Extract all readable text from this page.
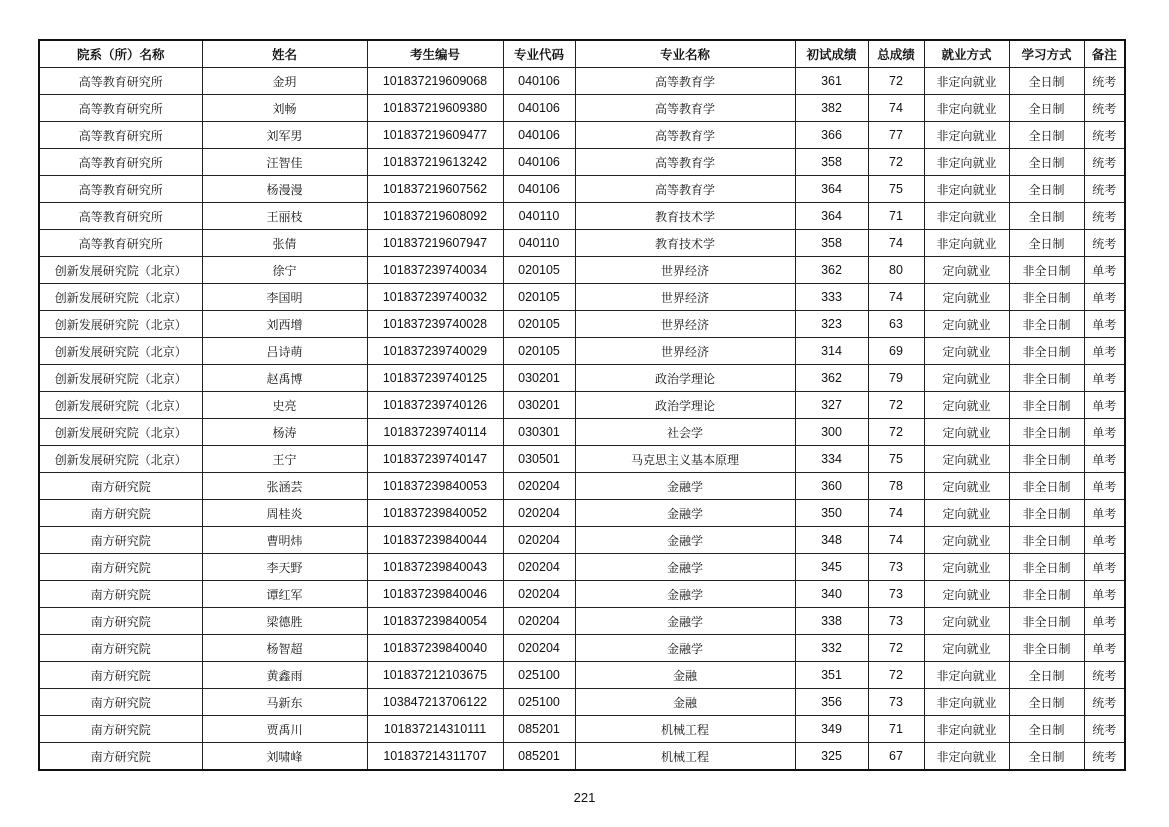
院系（所）名称	姓名	考生编号	专业代码	专业名称	初试成绩	总成绩	就业方式	学习方式	备注
高等教育研究所	金玥	101837219609068	040106	高等教育学	361	72	非定向就业	全日制	统考
高等教育研究所	刘畅	101837219609380	040106	高等教育学	382	74	非定向就业	全日制	统考
高等教育研究所	刘军男	101837219609477	040106	高等教育学	366	77	非定向就业	全日制	统考
高等教育研究所	汪智佳	101837219613242	040106	高等教育学	358	72	非定向就业	全日制	统考
高等教育研究所	杨漫漫	101837219607562	040106	高等教育学	364	75	非定向就业	全日制	统考
高等教育研究所	王丽枝	101837219608092	040110	教育技术学	364	71	非定向就业	全日制	统考
高等教育研究所	张倩	101837219607947	040110	教育技术学	358	74	非定向就业	全日制	统考
创新发展研究院（北京）	徐宁	101837239740034	020105	世界经济	362	80	定向就业	非全日制	单考
创新发展研究院（北京）	李国明	101837239740032	020105	世界经济	333	74	定向就业	非全日制	单考
创新发展研究院（北京）	刘西增	101837239740028	020105	世界经济	323	63	定向就业	非全日制	单考
创新发展研究院（北京）	吕诗萌	101837239740029	020105	世界经济	314	69	定向就业	非全日制	单考
创新发展研究院（北京）	赵禹博	101837239740125	030201	政治学理论	362	79	定向就业	非全日制	单考
创新发展研究院（北京）	史亮	101837239740126	030201	政治学理论	327	72	定向就业	非全日制	单考
创新发展研究院（北京）	杨涛	101837239740114	030301	社会学	300	72	定向就业	非全日制	单考
创新发展研究院（北京）	王宁	101837239740147	030501	马克思主义基本原理	334	75	定向就业	非全日制	单考
南方研究院	张涵芸	101837239840053	020204	金融学	360	78	定向就业	非全日制	单考
南方研究院	周桂炎	101837239840052	020204	金融学	350	74	定向就业	非全日制	单考
南方研究院	曹明炜	101837239840044	020204	金融学	348	74	定向就业	非全日制	单考
南方研究院	李天野	101837239840043	020204	金融学	345	73	定向就业	非全日制	单考
南方研究院	谭红军	101837239840046	020204	金融学	340	73	定向就业	非全日制	单考
南方研究院	梁德胜	101837239840054	020204	金融学	338	73	定向就业	非全日制	单考
南方研究院	杨智超	101837239840040	020204	金融学	332	72	定向就业	非全日制	单考
南方研究院	黄鑫雨	101837212103675	025100	金融	351	72	非定向就业	全日制	统考
南方研究院	马新东	103847213706122	025100	金融	356	73	非定向就业	全日制	统考
南方研究院	贾禹川	101837214310111	085201	机械工程	349	71	非定向就业	全日制	统考
南方研究院	刘啸峰	101837214311707	085201	机械工程	325	67	非定向就业	全日制	统考
221
